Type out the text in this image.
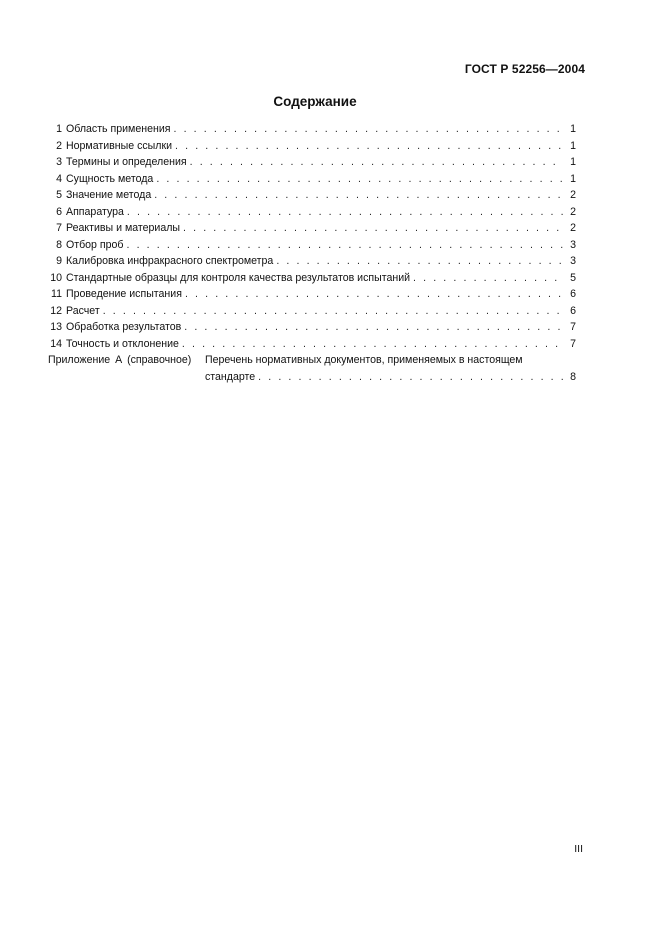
ГОСТ Р 52256—2004
Содержание
1 Область применения . . .	1
2 Нормативные ссылки . . .	1
3 Термины и определения . . .	1
4 Сущность метода . . .	1
5 Значение метода . . .	2
6 Аппаратура . . .	2
7 Реактивы и материалы . . .	2
8 Отбор проб . . .	3
9 Калибровка инфракрасного спектрометра . . .	3
10 Стандартные образцы для контроля качества результатов испытаний . . .	5
11 Проведение испытания . . .	6
12 Расчет . . .	6
13 Обработка результатов . . .	7
14 Точность и отклонение . . .	7
Приложение А (справочное)	Перечень нормативных документов, применяемых в настоящем
стандарте . . .	8
III
